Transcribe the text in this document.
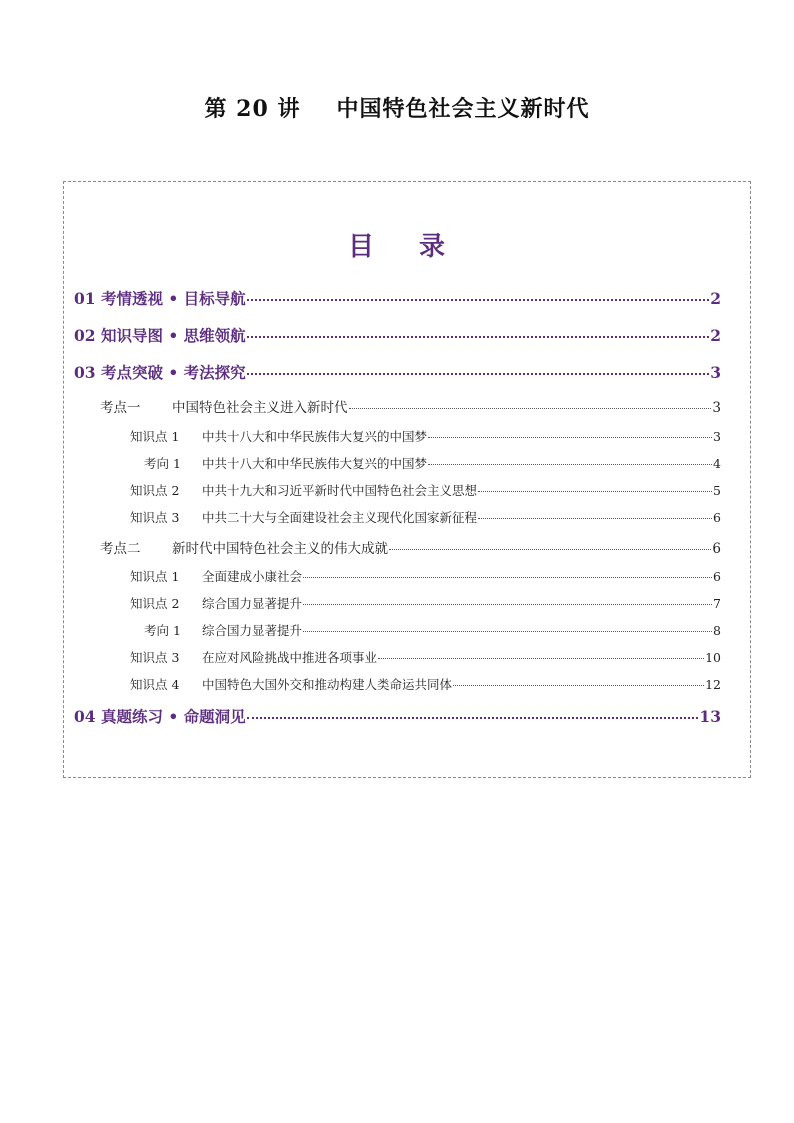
第 20 讲 中国特色社会主义新时代
目 录
01 考情透视 • 目标导航	2
02 知识导图 • 思维领航	2
03 考点突破 • 考法探究	3
考点一 中国特色社会主义进入新时代	3
知识点 1 中共十八大和中华民族伟大复兴的中国梦	3
考向 1 中共十八大和中华民族伟大复兴的中国梦	4
知识点 2 中共十九大和习近平新时代中国特色社会主义思想	5
知识点 3 中共二十大与全面建设社会主义现代化国家新征程	6
考点二 新时代中国特色社会主义的伟大成就	6
知识点 1 全面建成小康社会	6
知识点 2 综合国力显著提升	7
考向 1 综合国力显著提升	8
知识点 3 在应对风险挑战中推进各项事业	10
知识点 4 中国特色大国外交和推动构建人类命运共同体	12
04 真题练习 • 命题洞见	13
